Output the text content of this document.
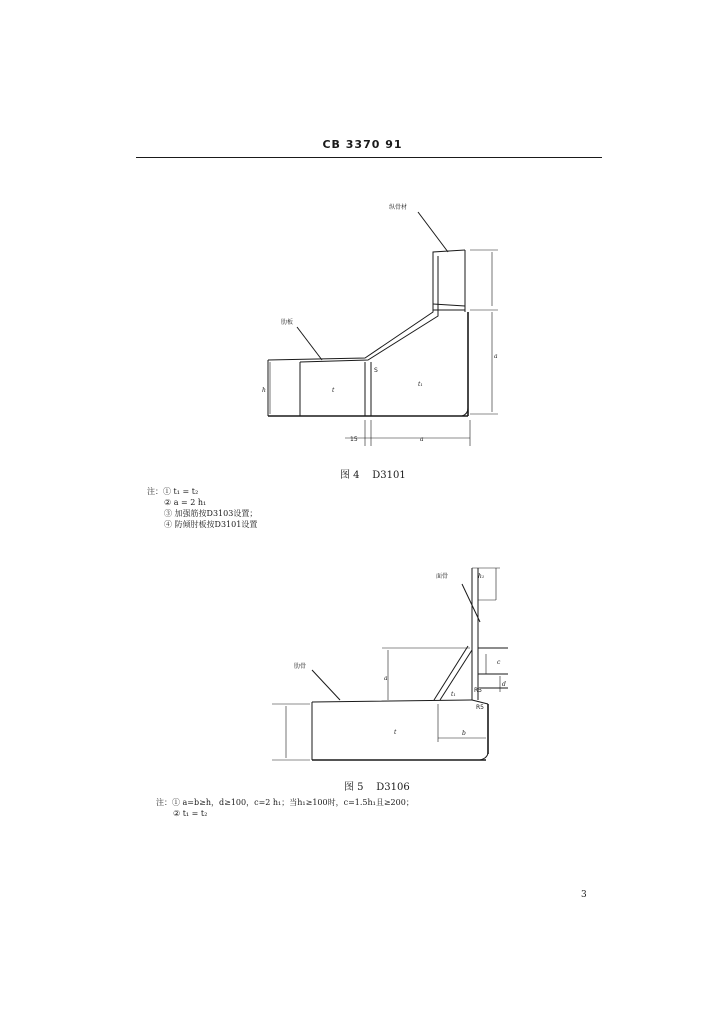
CB 3370 91
纵骨材
肋板
h	t
t₁
S
a
a
15
图 4 D3101
注：① t₁ = t₂
② a = 2 h₁
③ 加强筋按D3103设置；
④ 防倾肘板按D3101设置
面骨	h₁
肋骨
a
c
d
R5
R5
t₁
t	b
图 5 D3106
注：① a=b≥h，d≥100，c=2 h₁；当h₁≥100时，c=1.5h₁且≥200；
② t₁ = t₂
3
